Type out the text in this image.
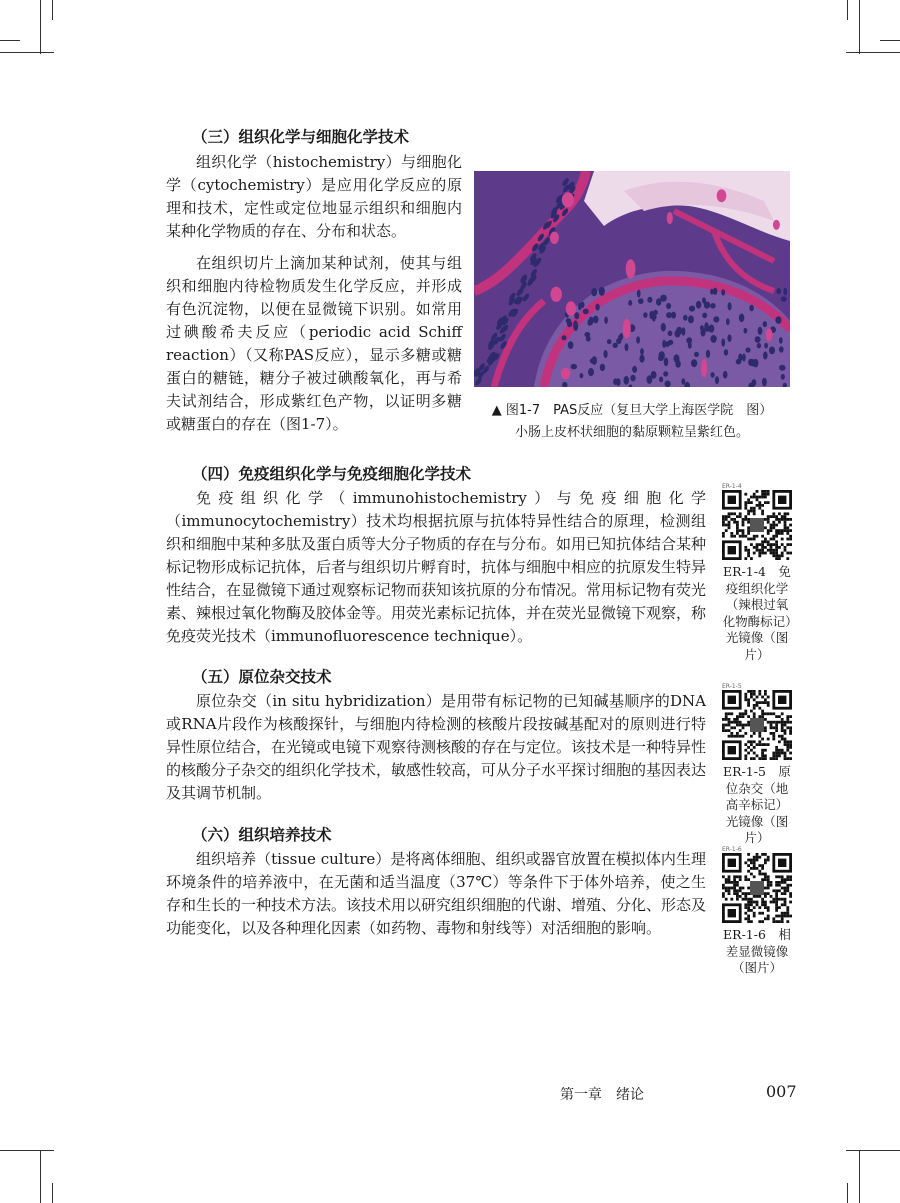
（三）组织化学与细胞化学技术

组织化学（histochemistry）与细胞化学（cytochemistry）是应用化学反应的原理和技术，定性或定位地显示组织和细胞内某种化学物质的存在、分布和状态。

在组织切片上滴加某种试剂，使其与组织和细胞内待检物质发生化学反应，并形成有色沉淀物，以便在显微镜下识别。如常用过碘酸希夫反应（periodic acid Schiff reaction）（又称PAS反应），显示多糖或糖蛋白的糖链，糖分子被过碘酸氧化，再与希夫试剂结合，形成紫红色产物，以证明多糖或糖蛋白的存在（图1-7）。

▲ 图1-7　PAS反应（复旦大学上海医学院　图）
小肠上皮杯状细胞的黏原颗粒呈紫红色。
（四）免疫组织化学与免疫细胞化学技术

免疫组织化学（immunohistochemistry）与免疫细胞化学（immunocytochemistry）技术均根据抗原与抗体特异性结合的原理，检测组织和细胞中某种多肽及蛋白质等大分子物质的存在与分布。如用已知抗体结合某种标记物形成标记抗体，后者与组织切片孵育时，抗体与细胞中相应的抗原发生特异性结合，在显微镜下通过观察标记物而获知该抗原的分布情况。常用标记物有荧光素、辣根过氧化物酶及胶体金等。用荧光素标记抗体，并在荧光显微镜下观察，称免疫荧光技术（immunofluorescence technique）。

（五）原位杂交技术

原位杂交（in situ hybridization）是用带有标记物的已知碱基顺序的DNA或RNA片段作为核酸探针，与细胞内待检测的核酸片段按碱基配对的原则进行特异性原位结合，在光镜或电镜下观察待测核酸的存在与定位。该技术是一种特异性的核酸分子杂交的组织化学技术，敏感性较高，可从分子水平探讨细胞的基因表达及其调节机制。

（六）组织培养技术

组织培养（tissue culture）是将离体细胞、组织或器官放置在模拟体内生理环境条件的培养液中，在无菌和适当温度（37℃）等条件下于体外培养，使之生存和生长的一种技术方法。该技术用以研究组织细胞的代谢、增殖、分化、形态及功能变化，以及各种理化因素（如药物、毒物和射线等）对活细胞的影响。

ER-1-4
ER-1-4　免疫组织化学（辣根过氧化物酶标记）光镜像（图片）
ER-1-5
ER-1-5　原位杂交（地高辛标记）光镜像（图片）
ER-1-6
ER-1-6　相差显微镜像（图片）
第一章　绪论	007
